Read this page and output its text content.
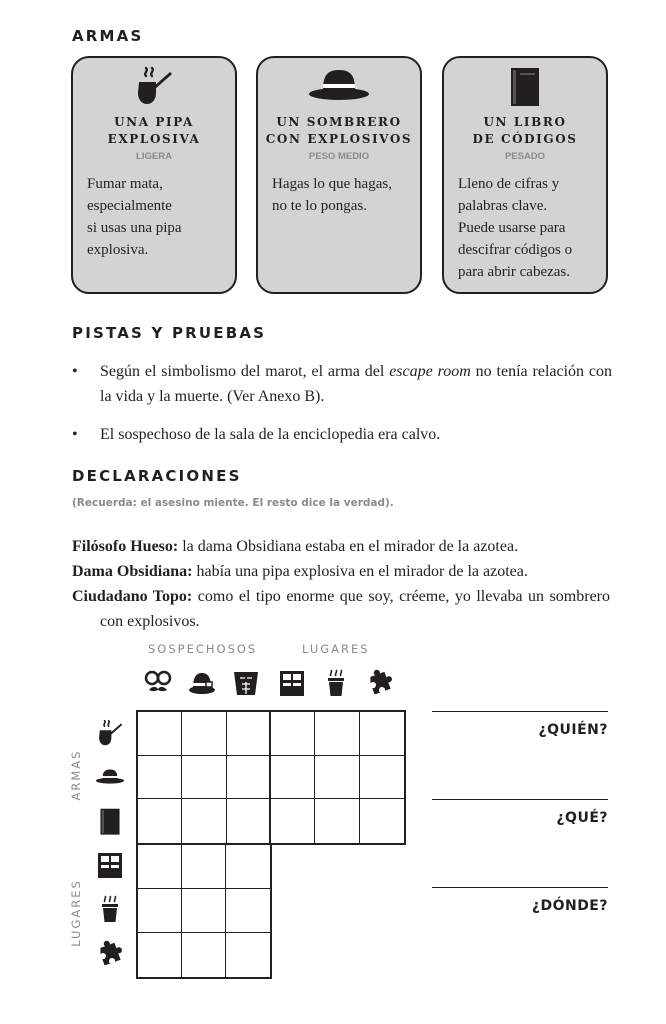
ARMAS
UNA PIPA
EXPLOSIVA
LIGERA
Fumar mata,
especialmente
si usas una pipa
explosiva.
UN SOMBRERO
CON EXPLOSIVOS
PESO MEDIO
Hagas lo que hagas,
no te lo pongas.
UN LIBRO
DE CÓDIGOS
PESADO
Lleno de cifras y
palabras clave.
Puede usarse para
descifrar códigos o
para abrir cabezas.
PISTAS Y PRUEBAS
• Según el simbolismo del marot, el arma del escape room no tenía relación con la vida y la muerte. (Ver Anexo B).
• El sospechoso de la sala de la enciclopedia era calvo.
DECLARACIONES
(Recuerda: el asesino miente. El resto dice la verdad).
Filósofo Hueso: la dama Obsidiana estaba en el mirador de la azotea.
Dama Obsidiana: había una pipa explosiva en el mirador de la azotea.
Ciudadano Topo: como el tipo enorme que soy, créeme, yo llevaba un sombrero con explosivos.
SOSPECHOSOS	LUGARES
ARMAS
LUGARES
¿QUIÉN?
¿QUÉ?
¿DÓNDE?
